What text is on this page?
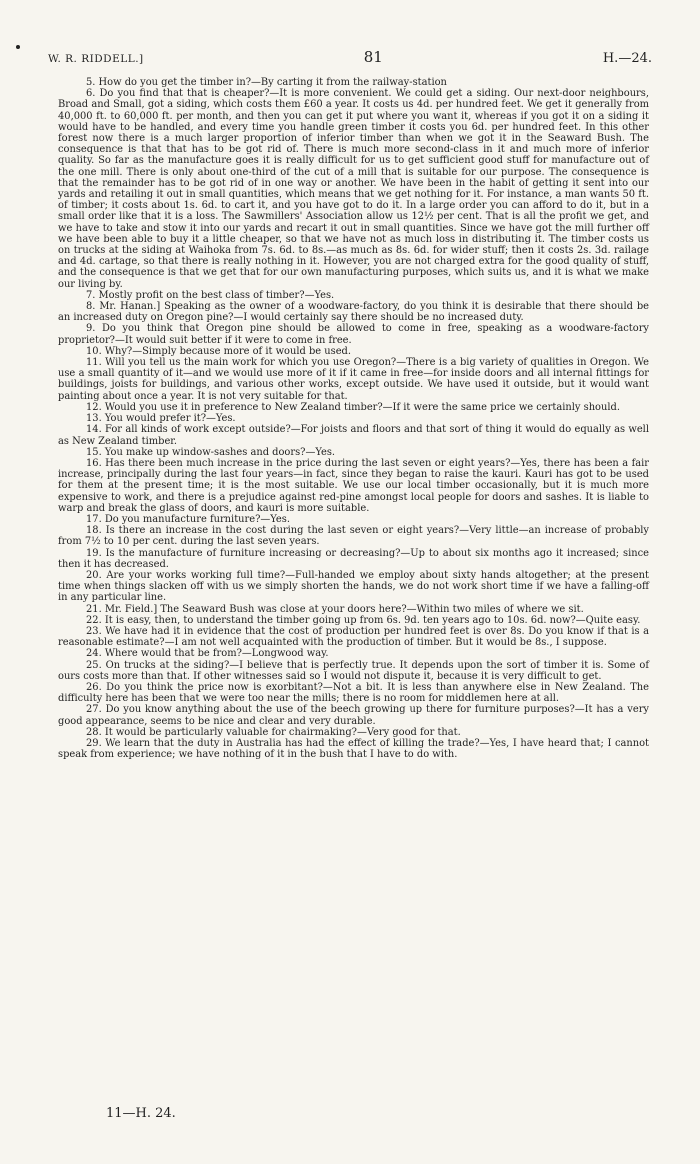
W. R. RIDDELL.]	81	H.—24.

5. How do you get the timber in?—By carting it from the railway-station

6. Do you find that that is cheaper?—It is more convenient. We could get a siding. Our next-door neighbours, Broad and Small, got a siding, which costs them £60 a year. It costs us 4d. per hundred feet. We get it generally from 40,000 ft. to 60,000 ft. per month, and then you can get it put where you want it, whereas if you got it on a siding it would have to be handled, and every time you handle green timber it costs you 6d. per hundred feet. In this other forest now there is a much larger proportion of inferior timber than when we got it in the Seaward Bush. The consequence is that that has to be got rid of. There is much more second-class in it and much more of inferior quality. So far as the manufacture goes it is really difficult for us to get sufficient good stuff for manufacture out of the one mill. There is only about one-third of the cut of a mill that is suitable for our purpose. The consequence is that the remainder has to be got rid of in one way or another. We have been in the habit of getting it sent into our yards and retailing it out in small quantities, which means that we get nothing for it. For instance, a man wants 50 ft. of timber; it costs about 1s. 6d. to cart it, and you have got to do it. In a large order you can afford to do it, but in a small order like that it is a loss. The Sawmillers' Association allow us 12½ per cent. That is all the profit we get, and we have to take and stow it into our yards and recart it out in small quantities. Since we have got the mill further off we have been able to buy it a little cheaper, so that we have not as much loss in distributing it. The timber costs us on trucks at the siding at Waihoka from 7s. 6d. to 8s.—as much as 8s. 6d. for wider stuff; then it costs 2s. 3d. railage and 4d. cartage, so that there is really nothing in it. However, you are not charged extra for the good quality of stuff, and the consequence is that we get that for our own manufacturing purposes, which suits us, and it is what we make our living by.

7. Mostly profit on the best class of timber?—Yes.

8. Mr. Hanan.] Speaking as the owner of a woodware-factory, do you think it is desirable that there should be an increased duty on Oregon pine?—I would certainly say there should be no increased duty.

9. Do you think that Oregon pine should be allowed to come in free, speaking as a woodware-factory proprietor?—It would suit better if it were to come in free.

10. Why?—Simply because more of it would be used.

11. Will you tell us the main work for which you use Oregon?—There is a big variety of qualities in Oregon. We use a small quantity of it—and we would use more of it if it came in free—for inside doors and all internal fittings for buildings, joists for buildings, and various other works, except outside. We have used it outside, but it would want painting about once a year. It is not very suitable for that.

12. Would you use it in preference to New Zealand timber?—If it were the same price we certainly should.

13. You would prefer it?—Yes.

14. For all kinds of work except outside?—For joists and floors and that sort of thing it would do equally as well as New Zealand timber.

15. You make up window-sashes and doors?—Yes.

16. Has there been much increase in the price during the last seven or eight years?—Yes, there has been a fair increase, principally during the last four years—in fact, since they began to raise the kauri. Kauri has got to be used for them at the present time; it is the most suitable. We use our local timber occasionally, but it is much more expensive to work, and there is a prejudice against red-pine amongst local people for doors and sashes. It is liable to warp and break the glass of doors, and kauri is more suitable.

17. Do you manufacture furniture?—Yes.

18. Is there an increase in the cost during the last seven or eight years?—Very little—an increase of probably from 7½ to 10 per cent. during the last seven years.

19. Is the manufacture of furniture increasing or decreasing?—Up to about six months ago it increased; since then it has decreased.

20. Are your works working full time?—Full-handed we employ about sixty hands altogether; at the present time when things slacken off with us we simply shorten the hands, we do not work short time if we have a falling-off in any particular line.

21. Mr. Field.] The Seaward Bush was close at your doors here?—Within two miles of where we sit.

22. It is easy, then, to understand the timber going up from 6s. 9d. ten years ago to 10s. 6d. now?—Quite easy.

23. We have had it in evidence that the cost of production per hundred feet is over 8s. Do you know if that is a reasonable estimate?—I am not well acquainted with the production of timber. But it would be 8s., I suppose.

24. Where would that be from?—Longwood way.

25. On trucks at the siding?—I believe that is perfectly true. It depends upon the sort of timber it is. Some of ours costs more than that. If other witnesses said so I would not dispute it, because it is very difficult to get.

26. Do you think the price now is exorbitant?—Not a bit. It is less than anywhere else in New Zealand. The difficulty here has been that we were too near the mills; there is no room for middlemen here at all.

27. Do you know anything about the use of the beech growing up there for furniture purposes?—It has a very good appearance, seems to be nice and clear and very durable.

28. It would be particularly valuable for chairmaking?—Very good for that.

29. We learn that the duty in Australia has had the effect of killing the trade?—Yes, I have heard that; I cannot speak from experience; we have nothing of it in the bush that I have to do with.

11—H. 24.
